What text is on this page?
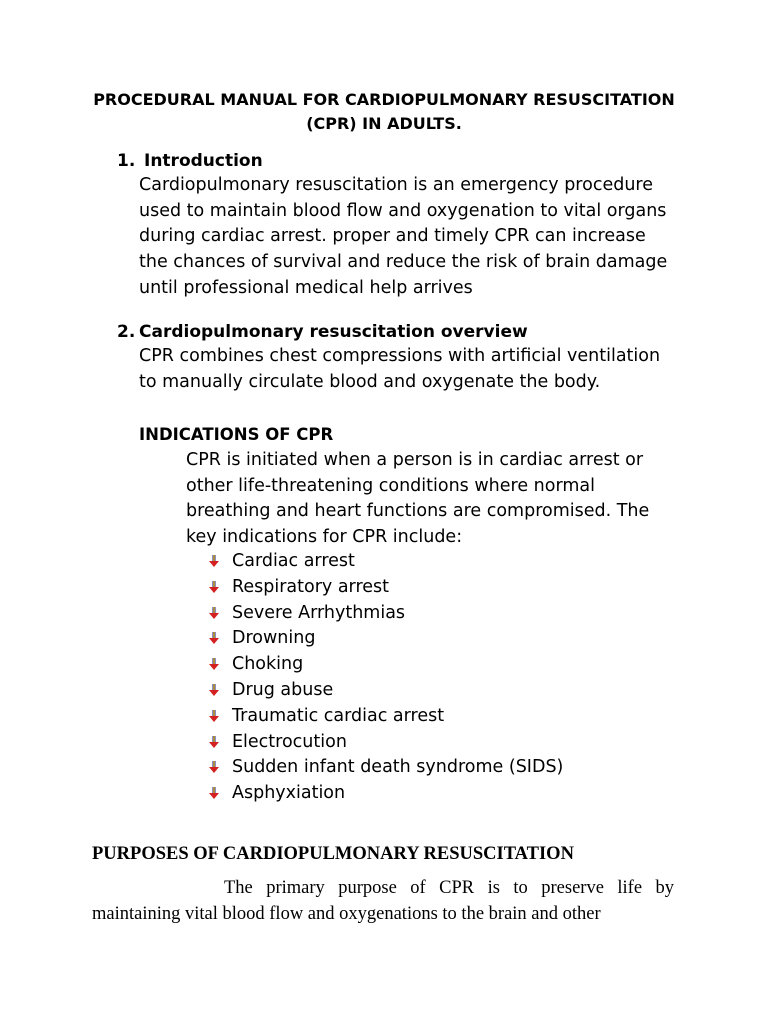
PROCEDURAL MANUAL FOR CARDIOPULMONARY RESUSCITATION (CPR) IN ADULTS.
1. Introduction
Cardiopulmonary resuscitation is an emergency procedure used to maintain blood flow and oxygenation to vital organs during cardiac arrest. proper and timely CPR can increase the chances of survival and reduce the risk of brain damage until professional medical help arrives
2. Cardiopulmonary resuscitation overview
CPR combines chest compressions with artificial ventilation to manually circulate blood and oxygenate the body.
INDICATIONS OF CPR
CPR is initiated when a person is in cardiac arrest or other life-threatening conditions where normal breathing and heart functions are compromised. The key indications for CPR include:
Cardiac arrest
Respiratory arrest
Severe Arrhythmias
Drowning
Choking
Drug abuse
Traumatic cardiac arrest
Electrocution
Sudden infant death syndrome (SIDS)
Asphyxiation
PURPOSES OF CARDIOPULMONARY RESUSCITATION
The primary purpose of CPR is to preserve life by maintaining vital blood flow and oxygenations to the brain and other
